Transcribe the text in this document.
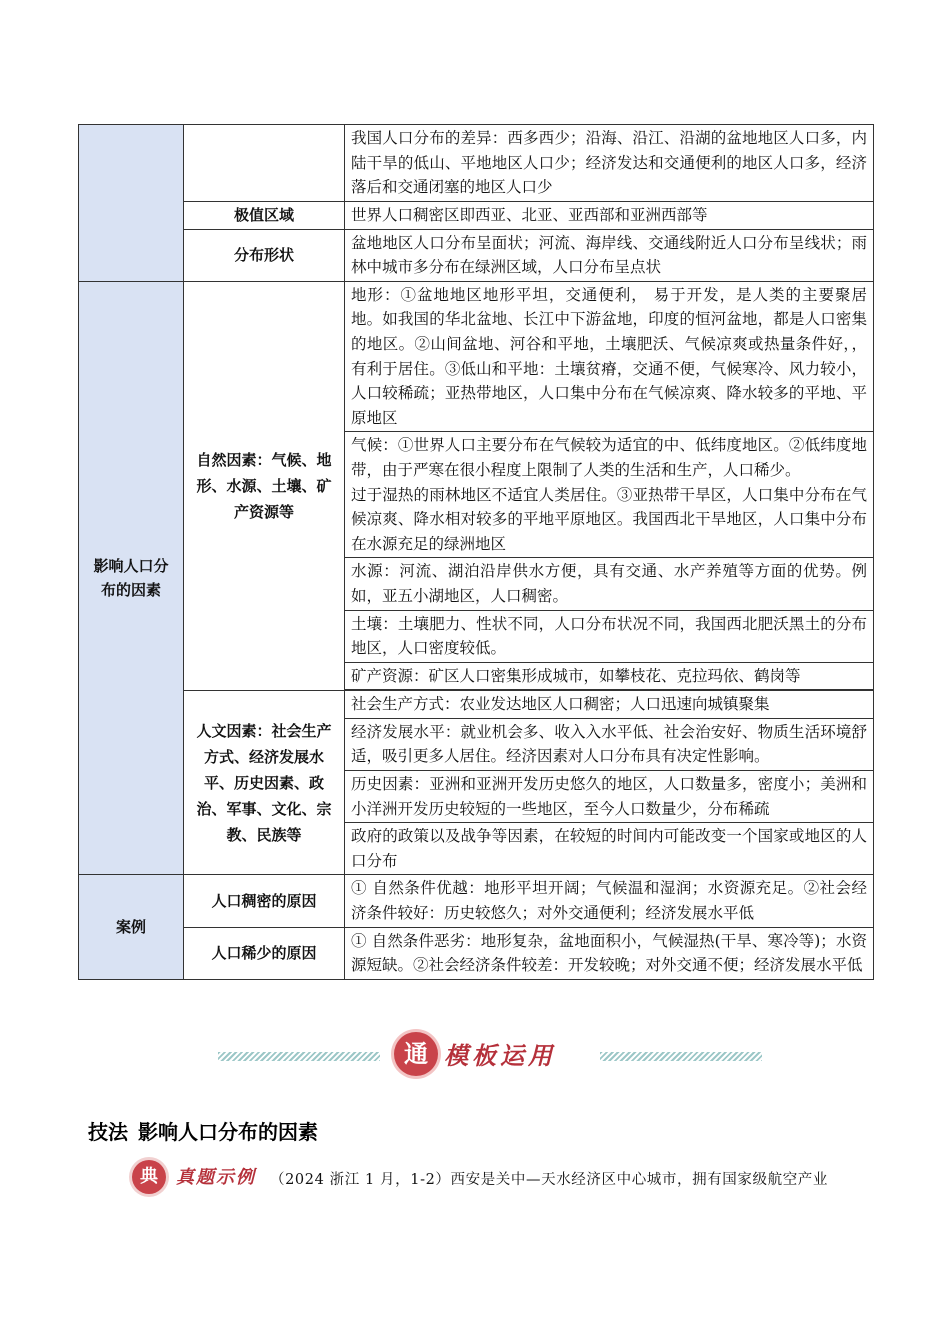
		我国人口分布的差异：西多西少；沿海、沿江、沿湖的盆地地区人口多，内陆干旱的低山、平地地区人口少；经济发达和交通便利的地区人口多，经济落后和交通闭塞的地区人口少
	极值区域	世界人口稠密区即西亚、北亚、亚西部和亚洲西部等
	分布形状	盆地地区人口分布呈面状；河流、海岸线、交通线附近人口分布呈线状；雨林中城市多分布在绿洲区域，人口分布呈点状

影响人口分布的因素	自然因素：气候、地形、水源、土壤、矿产资源等	地形：①盆地地区地形平坦，交通便利， 易于开发，是人类的主要聚居地。如我国的华北盆地、长江中下游盆地，印度的恒河盆地，都是人口密集的地区。②山间盆地、河谷和平地，土壤肥沃、气候凉爽或热量条件好，，有利于居住。③低山和平地：土壤贫瘠，交通不便，气候寒冷、风力较小，人口较稀疏；亚热带地区，人口集中分布在气候凉爽、降水较多的平地、平原地区

		气候：①世界人口主要分布在气候较为适宜的中、低纬度地区。②低纬度地带，由于严寒在很小程度上限制了人类的生活和生产，人口稀少。
过于湿热的雨林地区不适宜人类居住。③亚热带干旱区，人口集中分布在气候凉爽、降水相对较多的平地平原地区。我国西北干旱地区，人口集中分布在水源充足的绿洲地区

		水源：河流、湖泊沿岸供水方便，具有交通、水产养殖等方面的优势。例如，亚五小湖地区，人口稠密。
		土壤：土壤肥力、性状不同，人口分布状况不同，我国西北肥沃黑土的分布地区，人口密度较低。
		矿产资源：矿区人口密集形成城市，如攀枝花、克拉玛依、鹤岗等

	人文因素：社会生产方式、经济发展水平、历史因素、政治、军事、文化、宗教、民族等	社会生产方式：农业发达地区人口稠密；人口迅速向城镇聚集
		经济发展水平：就业机会多、收入入水平低、社会治安好、物质生活环境舒适，吸引更多人居住。经济因素对人口分布具有决定性影响。
		历史因素：亚洲和亚洲开发历史悠久的地区，人口数量多，密度小；美洲和小洋洲开发历史较短的一些地区，至今人口数量少，分布稀疏
		政府的政策以及战争等因素，在较短的时间内可能改变一个国家或地区的人口分布
案例	人口稠密的原因	① 自然条件优越：地形平坦开阔；气候温和湿润；水资源充足。②社会经济条件较好：历史较悠久；对外交通便利；经济发展水平低
	人口稀少的原因	① 自然条件恶劣：地形复杂，盆地面积小，气候湿热(干旱、寒冷等)；水资源短缺。②社会经济条件较差：开发较晚；对外交通不便；经济发展水平低
通 模板运用
技法 影响人口分布的因素
典	真题示例 （2024 浙江 1 月，1-2）西安是关中—天水经济区中心城市，拥有国家级航空产业
